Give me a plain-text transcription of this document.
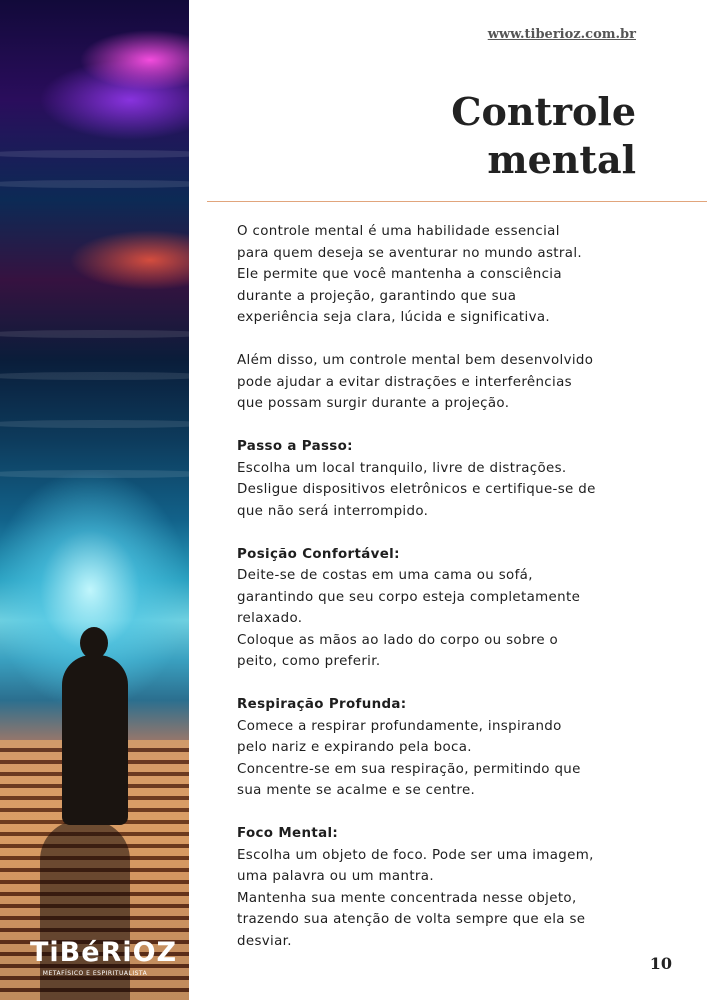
TiBéRiOZ
METAFÍSICO E ESPIRITUALISTA
www.tiberioz.com.br
Controle
mental

O controle mental é uma habilidade essencial
para quem deseja se aventurar no mundo astral.
Ele permite que você mantenha a consciência
durante a projeção, garantindo que sua
experiência seja clara, lúcida e significativa.

Além disso, um controle mental bem desenvolvido
pode ajudar a evitar distrações e interferências
que possam surgir durante a projeção.

Passo a Passo:
Escolha um local tranquilo, livre de distrações.
Desligue dispositivos eletrônicos e certifique-se de
que não será interrompido.

Posição Confortável:
Deite-se de costas em uma cama ou sofá,
garantindo que seu corpo esteja completamente
relaxado.
Coloque as mãos ao lado do corpo ou sobre o
peito, como preferir.

Respiração Profunda:
Comece a respirar profundamente, inspirando
pelo nariz e expirando pela boca.
Concentre-se em sua respiração, permitindo que
sua mente se acalme e se centre.

Foco Mental:
Escolha um objeto de foco. Pode ser uma imagem,
uma palavra ou um mantra.
Mantenha sua mente concentrada nesse objeto,
trazendo sua atenção de volta sempre que ela se
desviar.

10
